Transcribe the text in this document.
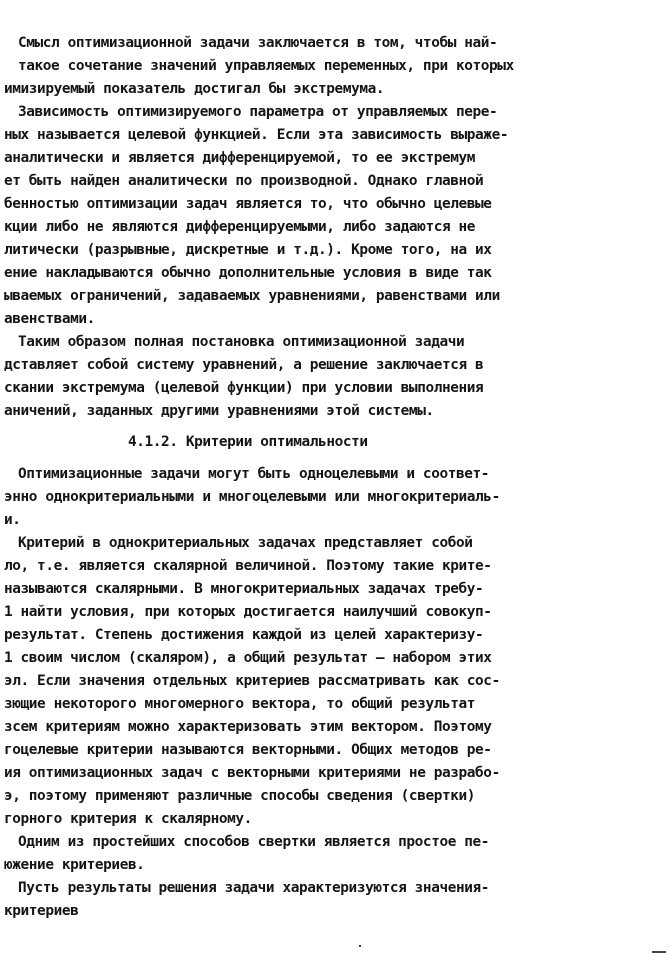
Смысл оптимизационной задачи заключается в том, чтобы най-
такое сочетание значений управляемых переменных, при которых
имизируемый показатель достигал бы экстремума.
Зависимость оптимизируемого параметра от управляемых пере-
ных называется целевой функцией. Если эта зависимость выраже-
аналитически и является дифференцируемой, то ее экстремум
ет быть найден аналитически по производной. Однако главной
бенностью оптимизации задач является то, что обычно целевые
кции либо не являются дифференцируемыми, либо задаются не
литически (разрывные, дискретные и т.д.). Кроме того, на их
ение накладываются обычно дополнительные условия в виде так
ываемых ограничений, задаваемых уравнениями, равенствами или
авенствами.
Таким образом полная постановка оптимизационной задачи
дставляет собой систему уравнений, а решение заключается в
скании экстремума (целевой функции) при условии выполнения
аничений, заданных другими уравнениями этой системы.
4.1.2. Критерии оптимальности
Оптимизационные задачи могут быть одноцелевыми и соответ-
энно однокритериальными и многоцелевыми или многокритериаль-
и.
Критерий в однокритериальных задачах представляет собой
ло, т.е. является скалярной величиной. Поэтому такие крите-
называются скалярными. В многокритериальных задачах требу-
1 найти условия, при которых достигается наилучший совокуп-
результат. Степень достижения каждой из целей характеризу-
1 своим числом (скаляром), а общий результат – набором этих
эл. Если значения отдельных критериев рассматривать как сос-
зющие некоторого многомерного вектора, то общий результат
зсем критериям можно характеризовать этим вектором. Поэтому
гоцелевые критерии называются векторными. Общих методов ре-
ия оптимизационных задач с векторными критериями не разрабо-
э, поэтому применяют различные способы сведения (свертки)
горного критерия к скалярному.
Одним из простейших способов свертки является простое пе-
южение критериев.
Пусть результаты решения задачи характеризуются значения-
критериев
